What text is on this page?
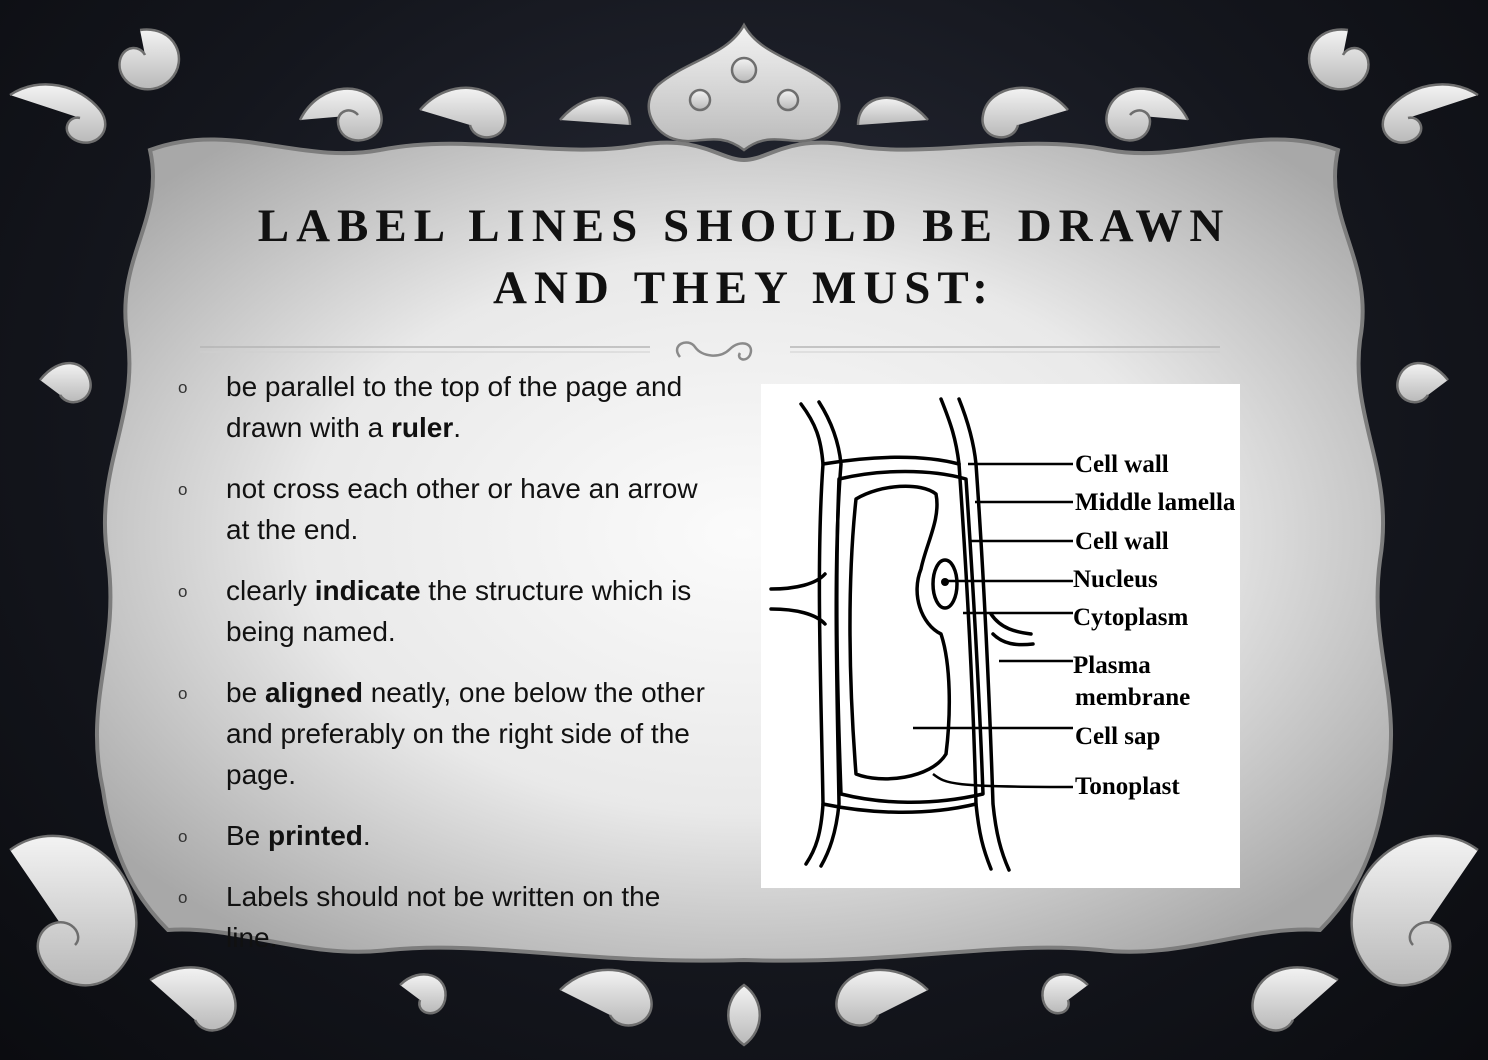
LABEL LINES SHOULD BE DRAWN
AND THEY MUST:
o be parallel to the top of the page and drawn with a ruler.
o not cross each other or have an arrow at the end.
o clearly indicate the structure which is being named.
o be aligned neatly, one below the other and preferably on the right side of the page.
o Be printed.
o Labels should not be written on the line.
Cell wall
Middle lamella
Cell wall
Nucleus
Cytoplasm
Plasma
membrane
Cell sap
Tonoplast
